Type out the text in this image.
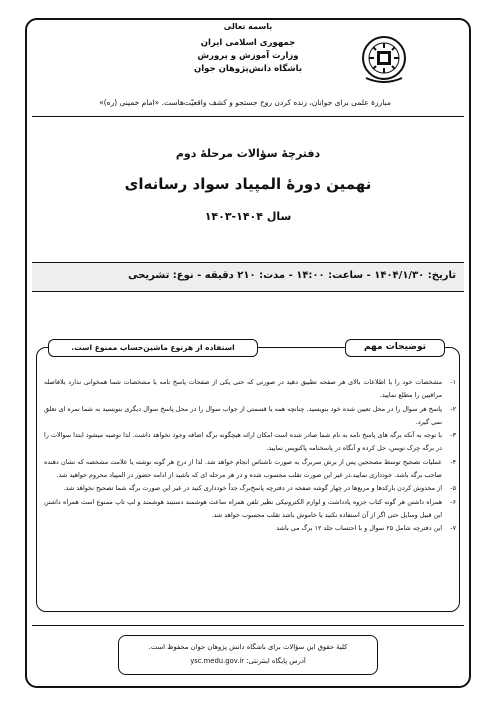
باسمه تعالی
جمهوری اسلامی ایران
وزارت آموزش و پرورش
باشگاه دانش‌پژوهان جوان
مبارزهٔ علمی برای جوانان، زنده کردن روح جستجو و کشف واقعیّت‌هاست. «امام خمینی (ره)»
دفترچهٔ سؤالات مرحلهٔ دوم
نهمین دورهٔ المپیاد سواد رسانه‌ای
سال ۱۴۰۴-۱۴۰۳
تاریخ: ۱۴۰۴/۱/۳۰ - ساعت: ۱۴:۰۰ - مدت: ۲۱۰ دقیقه - نوع: تشریحی
توضیحات مهم
استفاده از هرنوع ماشین‌حساب ممنوع است.
۱-
مشخصات خود را با اطلاعات بالای هر صفحه تطبیق دهید در صورتی که حتی یکی از صفحات پاسخ نامه با مشخصات شما همخوانی ندارد بلافاصله مراقبین را مطلع نمایید.
۲-
پاسخ هر سوال را در محل تعیین شده خود بنویسید. چنانچه همه یا قسمتی از جواب سوال را در محل پاسخ سوال دیگری بنویسید به شما نمره ای تعلق نمی گیرد.
۳-
با توجه به آنکه برگه های پاسخ نامه به نام شما صادر شده است امکان ارائه هیچگونه برگه اضافه وجود نخواهد داشت. لذا توصیه میشود ابتدا سوالات را در برگه چرک نویس، حل کرده و آنگاه در پاسخنامه پاکنویس نمایید.
۴-
عملیات تصحیح توسط مصححین پس از برش سربرگ به صورت ناشناس انجام خواهد شد. لذا از درج هر گونه نوشته یا علامت مشخصه که نشان دهنده صاحب برگه باشد. خودداری نمایید.در غیر این صورت تقلب محسوب شده و در هر مرحله ای که باشید از ادامه حضور در المپیاد محروم خواهید شد.
۵-
از مخدوش کردن بارکدها و مربع‌ها در چهار گوشه صفحه در دفترچه پاسخ‌برگ جداً خودداری کنید در غیر این صورت برگه شما تصحیح نخواهد شد.
۶-
همراه داشتن هر گونه کتاب جزوه یادداشت و لوازم الکترونیکی نظیر تلفن همراه ساعت هوشمند دستبند هوشمند و لپ تاپ ممنوع است همراه داشتن این قبیل وسایل حتی اگر از آن استفاده نکنید یا خاموش باشد تقلب محسوب خواهد شد.
۷-
این دفترچه شامل ۲۵ سوال و با احتساب جلد ۱۲ برگ می باشد
کلیهٔ حقوق این سؤالات برای باشگاه دانش پژوهان جوان محفوظ است.
آدرس پایگاه اینترنتی: ysc.medu.gov.ir
